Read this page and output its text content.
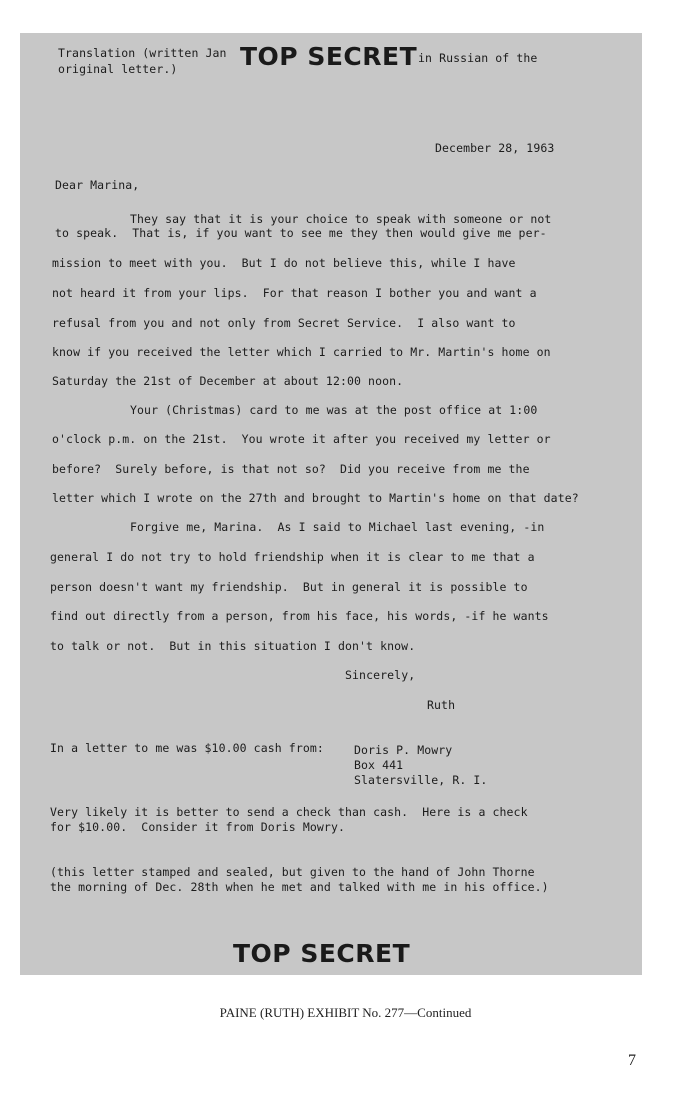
Translation (written Jan TOP SECRET in Russian of the
original letter.)
December 28, 1963
Dear Marina,
They say that it is your choice to speak with someone or not
to speak.  That is, if you want to see me they then would give me per-
mission to meet with you.  But I do not believe this, while I have
not heard it from your lips.  For that reason I bother you and want a
refusal from you and not only from Secret Service.  I also want to
know if you received the letter which I carried to Mr. Martin's home on
Saturday the 21st of December at about 12:00 noon.
Your (Christmas) card to me was at the post office at 1:00
o'clock p.m. on the 21st.  You wrote it after you received my letter or
before?  Surely before, is that not so?  Did you receive from me the
letter which I wrote on the 27th and brought to Martin's home on that date?
Forgive me, Marina.  As I said to Michael last evening, -in
general I do not try to hold friendship when it is clear to me that a
person doesn't want my friendship.  But in general it is possible to
find out directly from a person, from his face, his words, -if he wants
to talk or not.  But in this situation I don't know.
Sincerely,
Ruth
In a letter to me was $10.00 cash from:	Doris P. Mowry
Box 441
Slatersville, R. I.
Very likely it is better to send a check than cash.  Here is a check
for $10.00.  Consider it from Doris Mowry.
(this letter stamped and sealed, but given to the hand of John Thorne
the morning of Dec. 28th when he met and talked with me in his office.)
TOP SECRET
PAINE (RUTH) EXHIBIT No. 277—Continued
7
